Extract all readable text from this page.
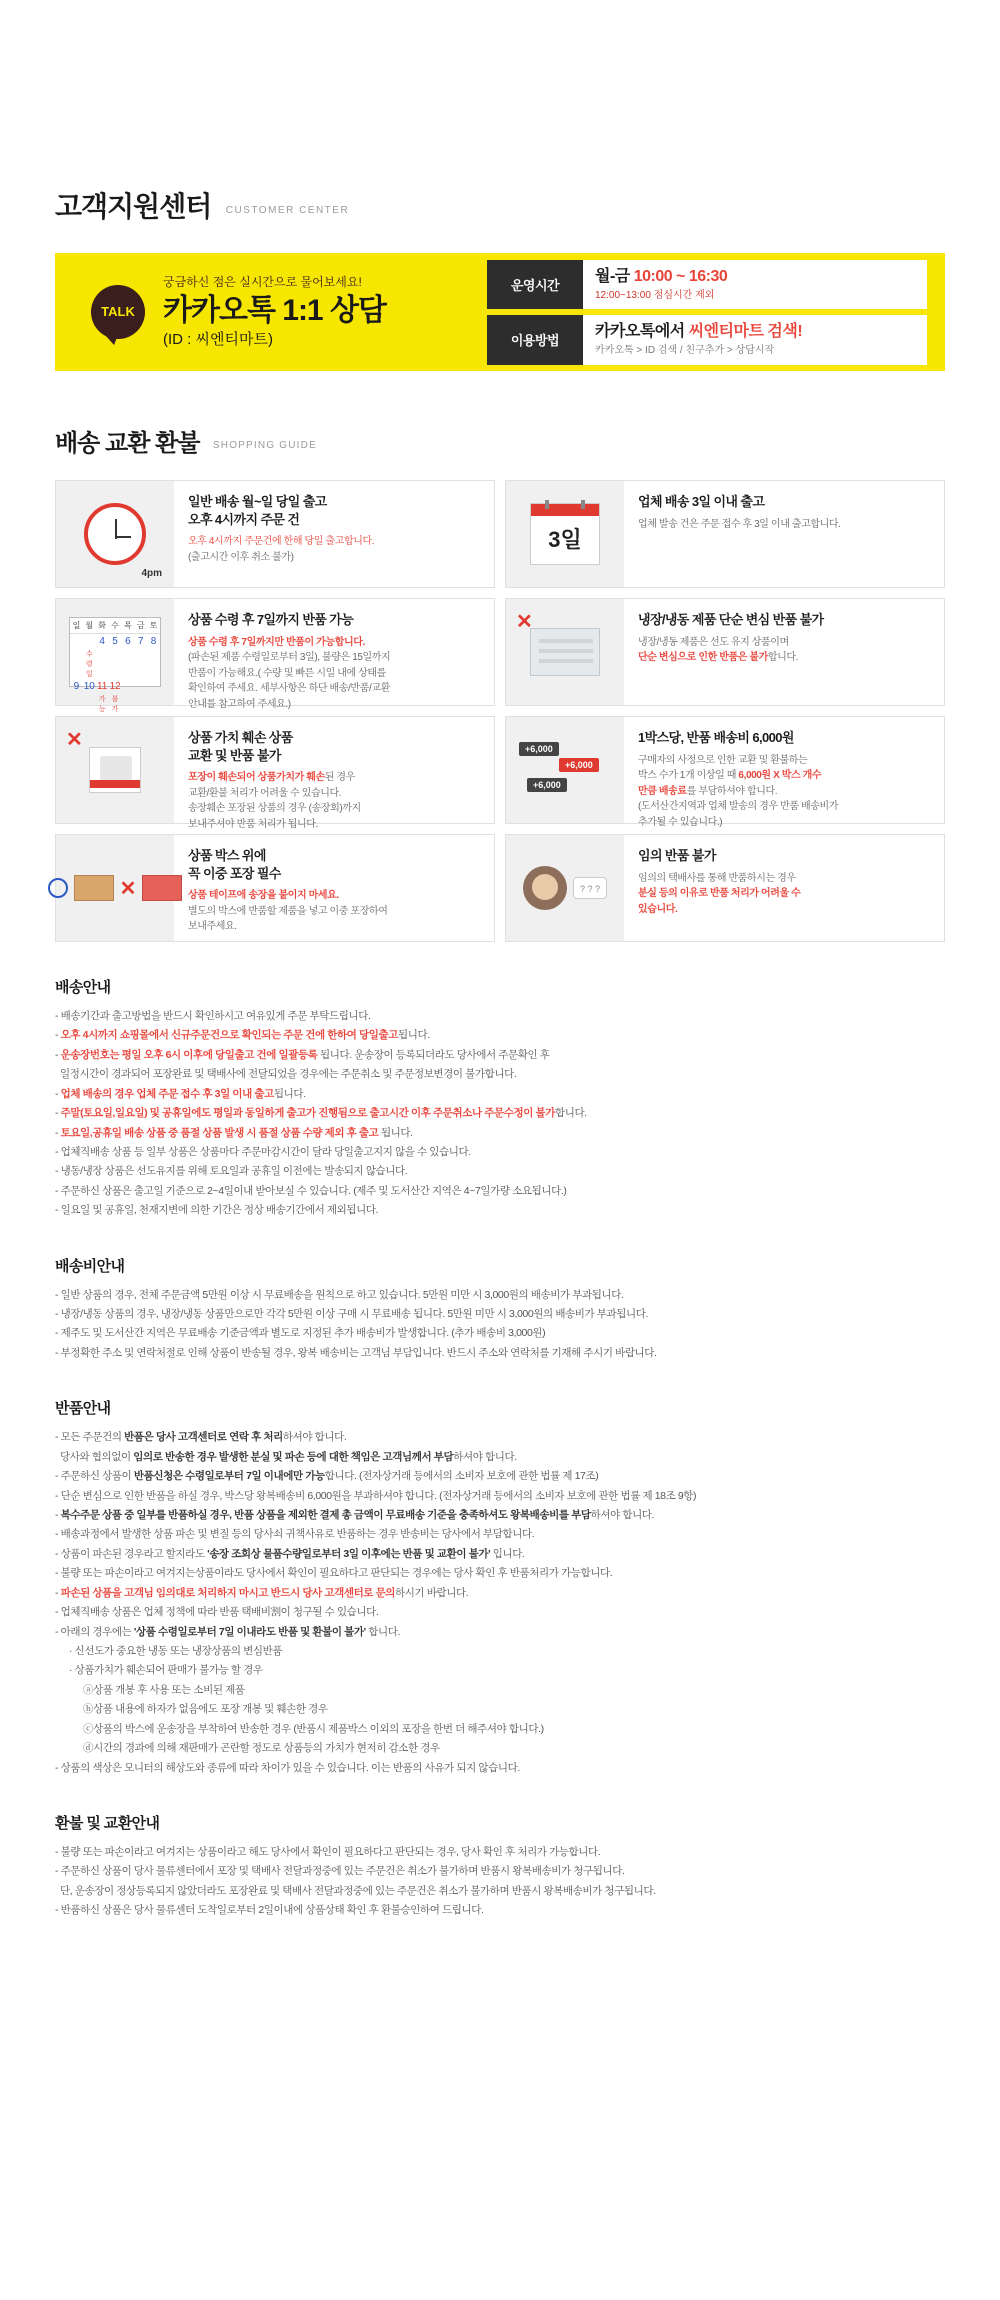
고객지원센터 CUSTOMER CENTER
TALK
궁금하신 점은 실시간으로 물어보세요!
카카오톡 1:1 상담
(ID : 씨엔티마트)
운영시간
월-금 10:00 ~ 16:30
12:00~13:00 점심시간 제외
이용방법
카카오톡에서 씨엔티마트 검색!
카카오톡 > ID 검색 / 친구추가 > 상담시작
배송 교환 환불 SHOPPING GUIDE
4pm
일반 배송 월~일 당일 출고
오후 4시까지 주문 건
오후 4시까지 주문건에 한해 당일 출고합니다.
(출고시간 이후 취소 불가)
3일
업체 배송 3일 이내 출고
업체 발송 건은 주문 접수 후 3일 이내 출고합니다.
일 월 화 수 목 금 토
4 5 6 7 8
수령일
9 10 11 12
가능
불가
상품 수령 후 7일까지 반품 가능
상품 수령 후 7일까지만 반품이 가능합니다.
(파손된 제품 수령일로부터 3일), 불량은 15일까지
반품이 가능해요.( 수량 및 빠른 시일 내에 상태를
확인하여 주세요. 세부사항은 하단 배송/반품/교환
안내를 참고하여 주세요.)
✕	냉장/냉동 제품 단순 변심 반품 불가
냉장/냉동 제품은 선도 유지 상품이며
단순 변심으로 인한 반품은 불가합니다.
✕	상품 가치 훼손 상품
교환 및 반품 불가
포장이 훼손되어 상품가치가 훼손된 경우
교환/환불 처리가 어려울 수 있습니다.
송장훼손 포장된 상품의 경우 (송장회)까지
보내주셔야 반품 처리가 됩니다.
+6,000
+6,000
+6,000
1박스당, 반품 배송비 6,000원
구매자의 사정으로 인한 교환 및 환불하는
박스 수가 1개 이상일 때 6,000원 X 박스 개수
만큼 배송료를 부담하셔야 합니다.
(도서산간지역과 업체 발송의 경우 반품 배송비가
추가될 수 있습니다.)
✕
상품 박스 위에
꼭 이중 포장 필수
상품 테이프에 송장을 붙이지 마세요.
별도의 박스에 반품할 제품을 넣고 이중 포장하여
보내주세요.
? ? ?
임의 반품 불가
임의의 택배사를 통해 반품하시는 경우
분실 등의 이유로 반품 처리가 어려울 수
있습니다.
배송안내
- 배송기간과 출고방법을 반드시 확인하시고 여유있게 주문 부탁드립니다.
- 오후 4시까지 쇼핑몰에서 신규주문건으로 확인되는 주문 건에 한하여 당일출고됩니다.
- 운송장번호는 평일 오후 6시 이후에 당일출고 건에 일괄등록 됩니다. 운송장이 등록되더라도 당사에서 주문확인 후
일정시간이 경과되어 포장완료 및 택배사에 전달되었을 경우에는 주문취소 및 주문정보변경이 불가합니다.
- 업체 배송의 경우 업체 주문 접수 후 3일 이내 출고됩니다.
- 주말(토요일,일요일) 및 공휴일에도 평일과 동일하게 출고가 진행됨으로 출고시간 이후 주문취소나 주문수정이 불가합니다.
- 토요일,공휴일 배송 상품 중 품절 상품 발생 시 품절 상품 수량 제외 후 출고 됩니다.
- 업체직배송 상품 등 일부 상품은 상품마다 주문마감시간이 달라 당일출고지지 않을 수 있습니다.
- 냉동/냉장 상품은 선도유지를 위해 토요일과 공휴일 이전에는 발송되지 않습니다.
- 주문하신 상품은 출고일 기준으로 2~4일이내 받아보실 수 있습니다. (제주 및 도서산간 지역은 4~7일가량 소요됩니다.)
- 일요일 및 공휴일, 천재지변에 의한 기간은 정상 배송기간에서 제외됩니다.
배송비안내
- 일반 상품의 경우, 전체 주문금액 5만원 이상 시 무료배송을 원칙으로 하고 있습니다. 5만원 미만 시 3,000원의 배송비가 부과됩니다.
- 냉장/냉동 상품의 경우, 냉장/냉동 상품만으로만 각각 5만원 이상 구매 시 무료배송 됩니다. 5만원 미만 시 3,000원의 배송비가 부과됩니다.
- 제주도 및 도서산간 지역은 무료배송 기준금액과 별도로 지정된 추가 배송비가 발생합니다. (추가 배송비 3,000원)
- 부정확한 주소 및 연락처절로 인해 상품이 반송될 경우, 왕복 배송비는 고객님 부담입니다. 반드시 주소와 연락처를 기재해 주시기 바랍니다.
반품안내
- 모든 주문건의 반품은 당사 고객센터로 연락 후 처리하셔야 합니다.
당사와 협의없이 임의로 반송한 경우 발생한 분실 및 파손 등에 대한 책임은 고객님께서 부담하셔야 합니다.
- 주문하신 상품이 반품신청은 수령일로부터 7일 이내에만 가능합니다. (전자상거래 등에서의 소비자 보호에 관한 법률 제 17조)
- 단순 변심으로 인한 반품을 하실 경우, 박스당 왕복배송비 6,000원을 부과하셔야 합니다. (전자상거래 등에서의 소비자 보호에 관한 법률 제 18조 9항)
- 복수주문 상품 중 일부를 반품하실 경우, 반품 상품을 제외한 결제 총 금액이 무료배송 기준을 충족하셔도 왕복배송비를 부담하셔야 합니다.
- 배송과정에서 발생한 상품 파손 및 변질 등의 당사쇠 귀책사유로 반품하는 경우 반송비는 당사에서 부담합니다.
- 상품이 파손된 경우라고 할지라도 '송장 조회상 물품수량일로부터 3일 이후에는 반품 및 교환이 불가' 입니다.
- 불량 또는 파손이라고 여겨지는상품이라도 당사에서 확인이 필요하다고 판단되는 경우에는 당사 확인 후 반품처리가 가능합니다.
- 파손된 상품을 고객님 임의대로 처리하지 마시고 반드시 당사 고객센터로 문의하시기 바랍니다.
- 업체직배송 상품은 업체 정책에 따라 반품 택배비割이 청구될 수 있습니다.
- 아래의 경우에는 '상품 수령일로부터 7일 이내라도 반품 및 환불이 불가' 합니다.
· 신선도가 중요한 냉동 또는 냉장상품의 변심반품
· 상품가치가 훼손되어 판매가 불가능 할 경우
ⓐ상품 개봉 후 사용 또는 소비된 제품
ⓑ상품 내용에 하자가 없음에도 포장 개봉 및 훼손한 경우
ⓒ상품의 박스에 운송장을 부착하여 반송한 경우 (반품시 제품박스 이외의 포장을 한번 더 해주셔야 합니다.)
ⓓ시간의 경과에 의해 재판매가 곤란할 정도로 상품등의 가치가 현저히 감소한 경우
- 상품의 색상은 모니터의 해상도와 종류에 따라 차이가 있을 수 있습니다. 이는 반품의 사유가 되지 않습니다.
환불 및 교환안내
- 불량 또는 파손이라고 여겨지는 상품이라고 해도 당사에서 확인이 필요하다고 판단되는 경우, 당사 확인 후 처리가 가능합니다.
- 주문하신 상품이 당사 물류센터에서 포장 및 택배사 전달과정중에 있는 주문건은 취소가 불가하며 반품시 왕복배송비가 청구됩니다.
단, 운송장이 정상등록되지 않았더라도 포장완료 및 택배사 전달과정중에 있는 주문건은 취소가 불가하며 반품시 왕복배송비가 청구됩니다.
- 반품하신 상품은 당사 물류센터 도착일로부터 2일이내에 상품상태 확인 후 환불승인하여 드립니다.
